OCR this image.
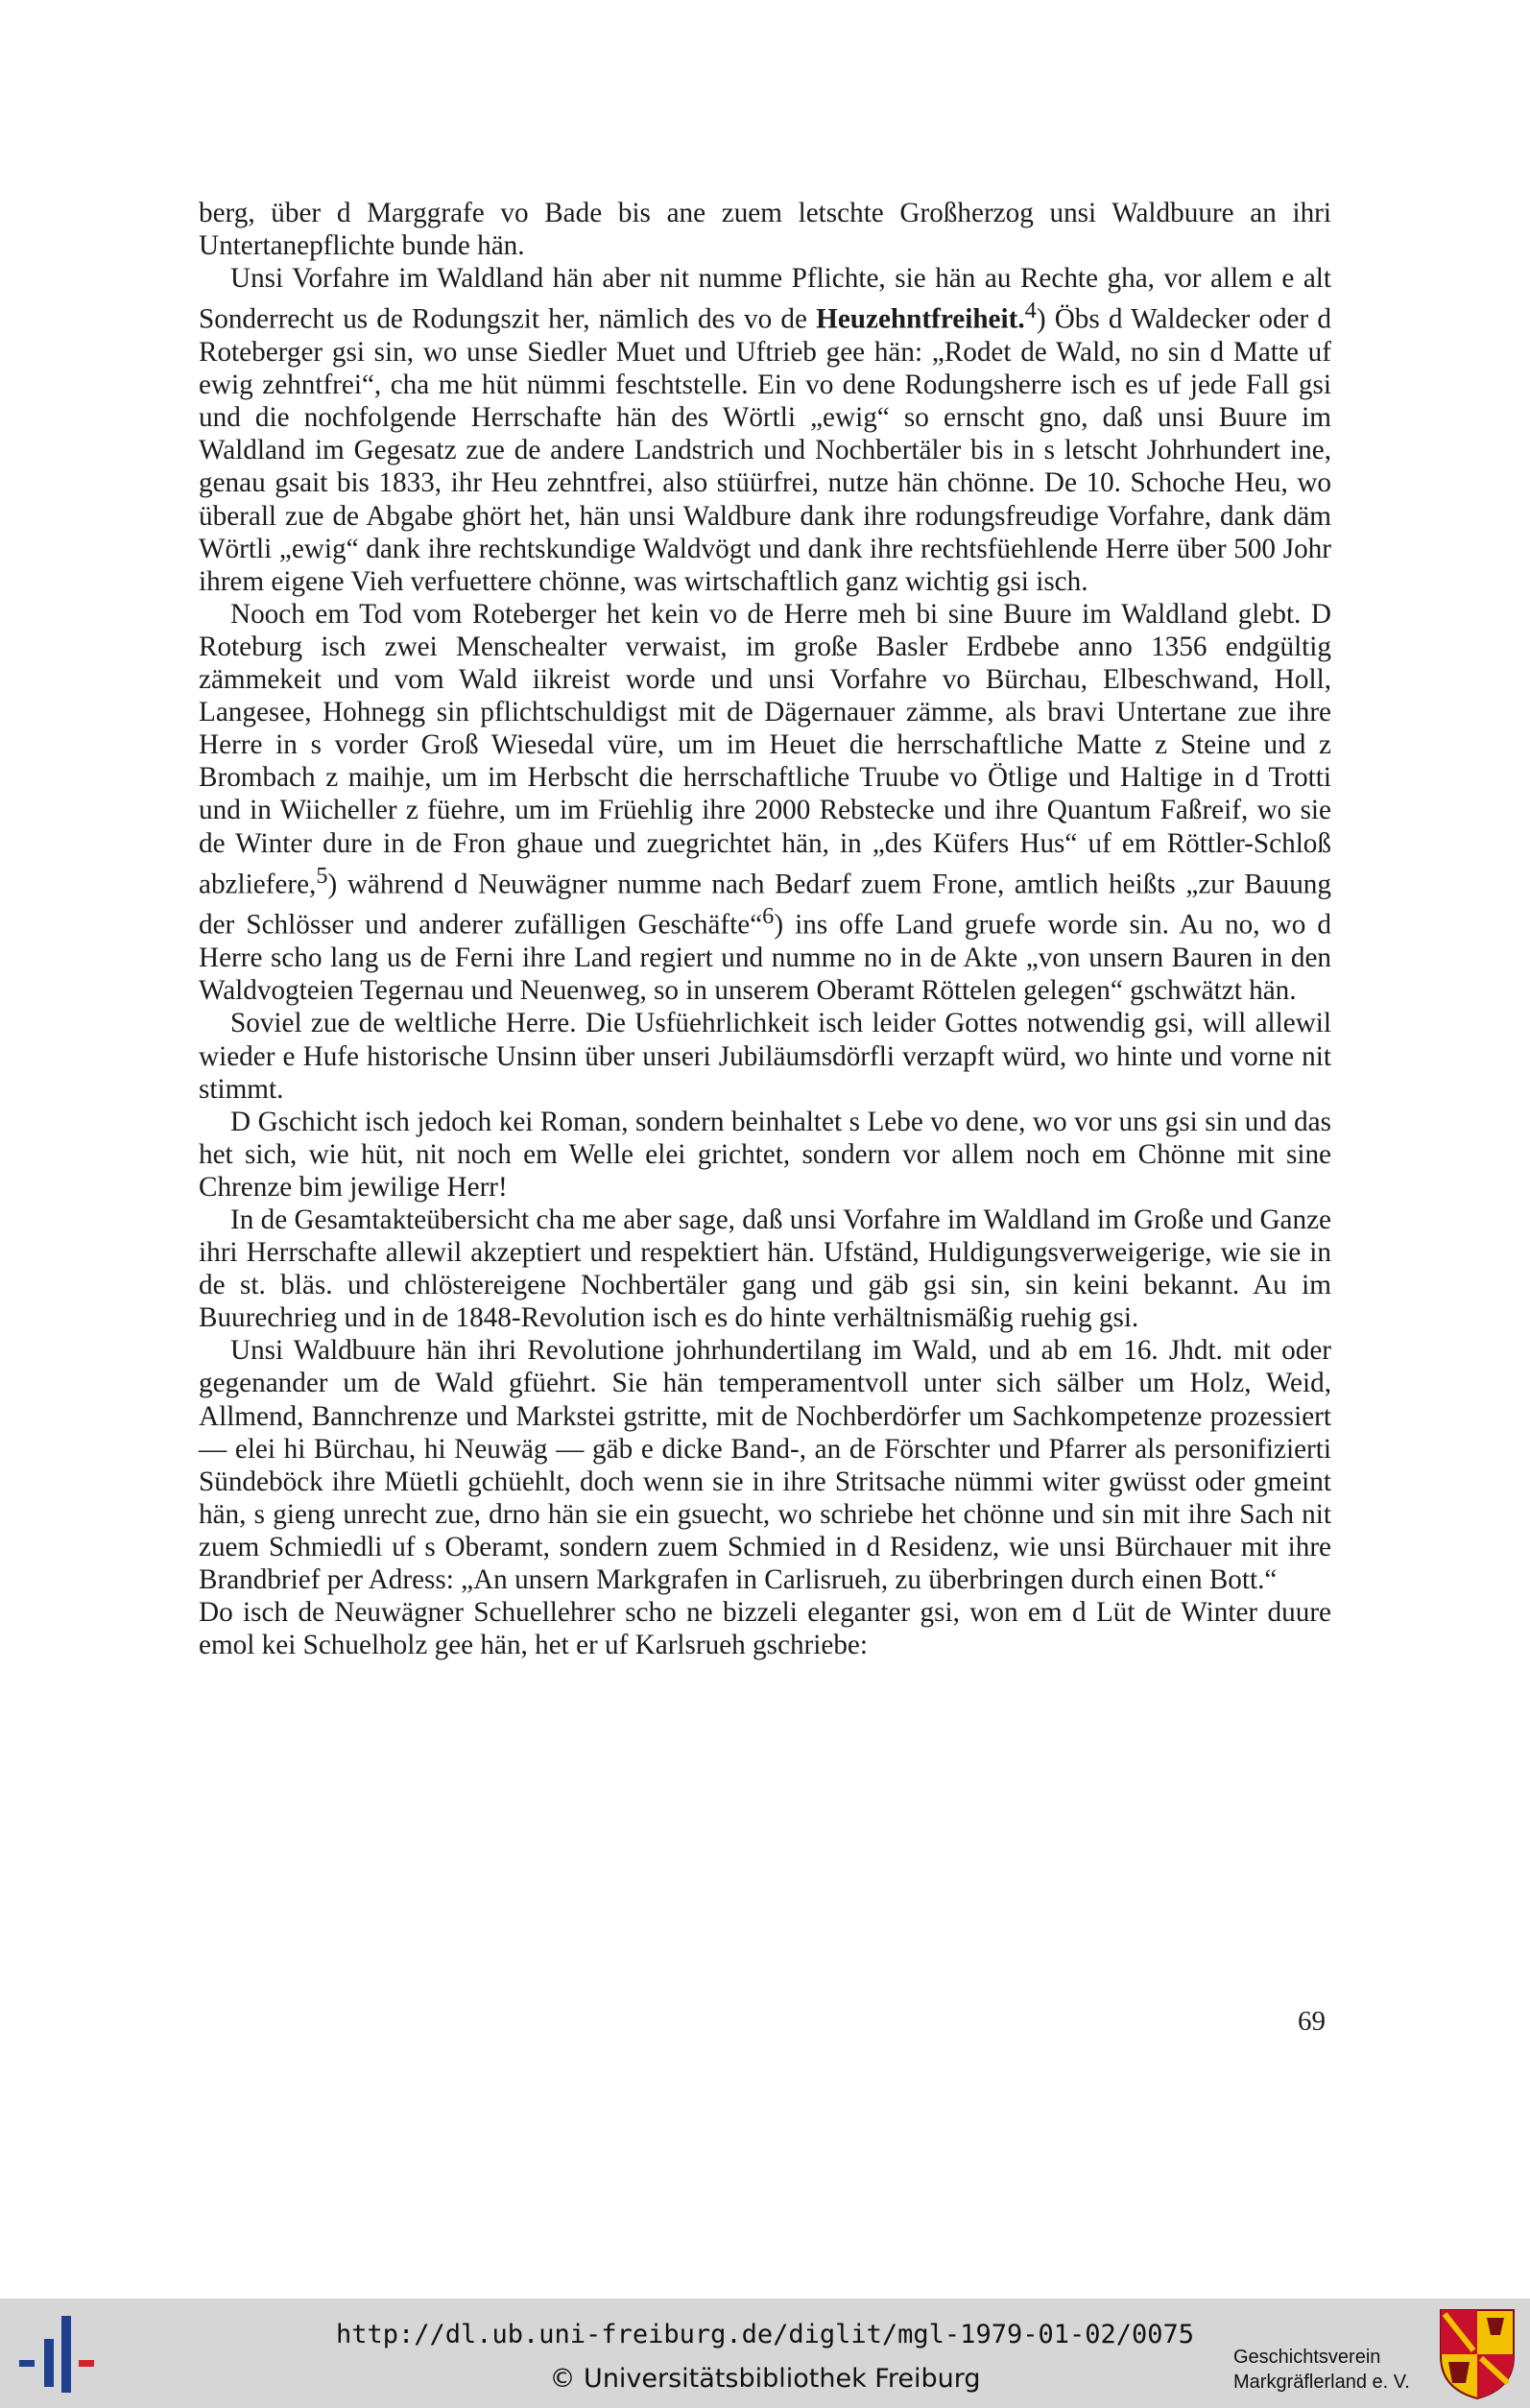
berg, über d Marggrafe vo Bade bis ane zuem letschte Großherzog unsi Waldbuure an ihri Untertanepflichte bunde hän.

Unsi Vorfahre im Waldland hän aber nit numme Pflichte, sie hän au Rechte gha, vor allem e alt Sonderrecht us de Rodungszit her, nämlich des vo de Heuzehntfreiheit.$^4$) Öbs d Waldecker oder d Roteberger gsi sin, wo unse Siedler Muet und Uftrieb gee hän: „Rodet de Wald, no sin d Matte uf ewig zehntfrei“, cha me hüt nümmi feschtstelle. Ein vo dene Rodungsherre isch es uf jede Fall gsi und die nochfolgende Herrschafte hän des Wörtli „ewig“ so ernscht gno, daß unsi Buure im Waldland im Gegesatz zue de andere Landstrich und Nochbertäler bis in s letscht Johrhundert ine, genau gsait bis 1833, ihr Heu zehntfrei, also stüürfrei, nutze hän chönne. De 10. Schoche Heu, wo überall zue de Abgabe ghört het, hän unsi Waldbure dank ihre rodungsfreudige Vorfahre, dank däm Wörtli „ewig“ dank ihre rechtskundige Waldvögt und dank ihre rechtsfüehlende Herre über 500 Johr ihrem eigene Vieh verfuettere chönne, was wirtschaftlich ganz wichtig gsi isch.

Nooch em Tod vom Roteberger het kein vo de Herre meh bi sine Buure im Waldland glebt. D Roteburg isch zwei Menschealter verwaist, im große Basler Erdbebe anno 1356 endgültig zämmekeit und vom Wald iikreist worde und unsi Vorfahre vo Bürchau, Elbeschwand, Holl, Langesee, Hohnegg sin pflichtschuldigst mit de Dägernauer zämme, als bravi Untertane zue ihre Herre in s vorder Groß Wiesedal vüre, um im Heuet die herrschaftliche Matte z Steine und z Brombach z maihje, um im Herbscht die herrschaftliche Truube vo Ötlige und Haltige in d Trotti und in Wiicheller z füehre, um im Früehlig ihre 2000 Rebstecke und ihre Quantum Faßreif, wo sie de Winter dure in de Fron ghaue und zuegrichtet hän, in „des Küfers Hus“ uf em Röttler-Schloß abzliefere,$^5$) während d Neuwägner numme nach Bedarf zuem Frone, amtlich heißts „zur Bauung der Schlösser und anderer zufälligen Geschäfte“$^6$) ins offe Land gruefe worde sin. Au no, wo d Herre scho lang us de Ferni ihre Land regiert und numme no in de Akte „von unsern Bauren in den Waldvogteien Tegernau und Neuenweg, so in unserem Oberamt Röttelen gelegen“ gschwätzt hän.

Soviel zue de weltliche Herre. Die Usfüehrlichkeit isch leider Gottes notwendig gsi, will allewil wieder e Hufe historische Unsinn über unseri Jubiläumsdörfli verzapft würd, wo hinte und vorne nit stimmt.

D Gschicht isch jedoch kei Roman, sondern beinhaltet s Lebe vo dene, wo vor uns gsi sin und das het sich, wie hüt, nit noch em Welle elei grichtet, sondern vor allem noch em Chönne mit sine Chrenze bim jewilige Herr!

In de Gesamtakteübersicht cha me aber sage, daß unsi Vorfahre im Waldland im Große und Ganze ihri Herrschafte allewil akzeptiert und respektiert hän. Ufständ, Huldigungsverweigerige, wie sie in de st. bläs. und chlöstereigene Nochbertäler gang und gäb gsi sin, sin keini bekannt. Au im Buurechrieg und in de 1848-Revolution isch es do hinte verhältnismäßig ruehig gsi.

Unsi Waldbuure hän ihri Revolutione johrhundertilang im Wald, und ab em 16. Jhdt. mit oder gegenander um de Wald gfüehrt. Sie hän temperamentvoll unter sich sälber um Holz, Weid, Allmend, Bannchrenze und Markstei gstritte, mit de Nochberdörfer um Sachkompetenze prozessiert — elei hi Bürchau, hi Neuwäg — gäb e dicke Band-, an de Förschter und Pfarrer als personifizierti Sündeböck ihre Müetli gchüehlt, doch wenn sie in ihre Stritsache nümmi witer gwüsst oder gmeint hän, s gieng unrecht zue, drno hän sie ein gsuecht, wo schriebe het chönne und sin mit ihre Sach nit zuem Schmiedli uf s Oberamt, sondern zuem Schmied in d Residenz, wie unsi Bürchauer mit ihre Brandbrief per Adress: „An unsern Markgrafen in Carlisrueh, zu überbringen durch einen Bott.“

Do isch de Neuwägner Schuellehrer scho ne bizzeli eleganter gsi, won em d Lüt de Winter duure emol kei Schuelholz gee hän, het er uf Karlsrueh gschriebe:

69
http://dl.ub.uni-freiburg.de/diglit/mgl-1979-01-02/0075
© Universitätsbibliothek Freiburg
Geschichtsverein
Markgräflerland e. V.
